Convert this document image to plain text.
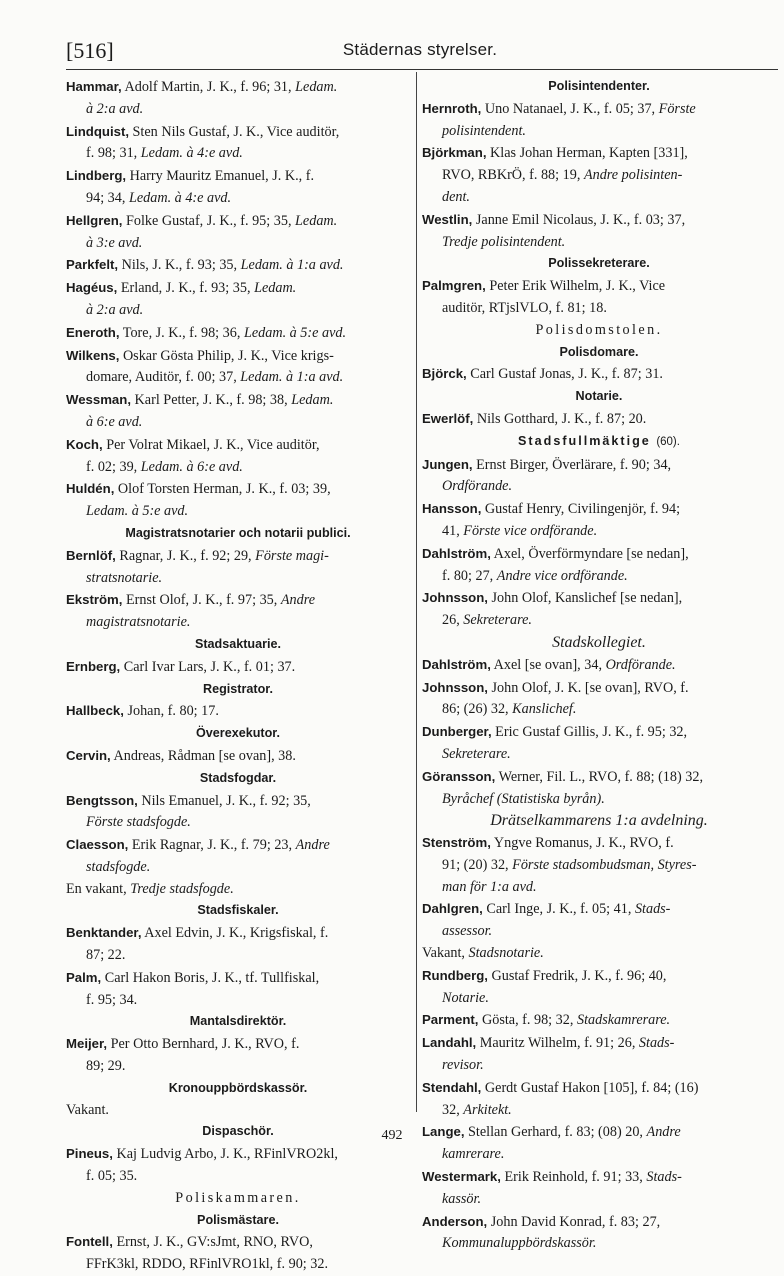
[516]	Städernas styrelser.
Hammar, Adolf Martin, J. K., f. 96; 31, Ledam.
à 2:a avd.
Lindquist, Sten Nils Gustaf, J. K., Vice auditör,
f. 98; 31, Ledam. à 4:e avd.
Lindberg, Harry Mauritz Emanuel, J. K., f.
94; 34, Ledam. à 4:e avd.
Hellgren, Folke Gustaf, J. K., f. 95; 35, Ledam.
à 3:e avd.
Parkfelt, Nils, J. K., f. 93; 35, Ledam. à 1:a avd.
Hagéus, Erland, J. K., f. 93; 35, Ledam.
à 2:a avd.
Eneroth, Tore, J. K., f. 98; 36, Ledam. à 5:e avd.
Wilkens, Oskar Gösta Philip, J. K., Vice krigs-
domare, Auditör, f. 00; 37, Ledam. à 1:a avd.
Wessman, Karl Petter, J. K., f. 98; 38, Ledam.
à 6:e avd.
Koch, Per Volrat Mikael, J. K., Vice auditör,
f. 02; 39, Ledam. à 6:e avd.
Huldén, Olof Torsten Herman, J. K., f. 03; 39,
Ledam. à 5:e avd.
Magistratsnotarier och notarii publici.
Bernlöf, Ragnar, J. K., f. 92; 29, Förste magi-
stratsnotarie.
Ekström, Ernst Olof, J. K., f. 97; 35, Andre
magistratsnotarie.
Stadsaktuarie.
Ernberg, Carl Ivar Lars, J. K., f. 01; 37.
Registrator.
Hallbeck, Johan, f. 80; 17.
Överexekutor.
Cervin, Andreas, Rådman [se ovan], 38.
Stadsfogdar.
Bengtsson, Nils Emanuel, J. K., f. 92; 35,
Förste stadsfogde.
Claesson, Erik Ragnar, J. K., f. 79; 23, Andre
stadsfogde.
En vakant, Tredje stadsfogde.
Stadsfiskaler.
Benktander, Axel Edvin, J. K., Krigsfiskal, f.
87; 22.
Palm, Carl Hakon Boris, J. K., tf. Tullfiskal,
f. 95; 34.
Mantalsdirektör.
Meijer, Per Otto Bernhard, J. K., RVO, f.
89; 29.
Kronouppbördskassör.
Vakant.
Dispaschör.
Pineus, Kaj Ludvig Arbo, J. K., RFinlVRO2kl,
f. 05; 35.
Poliskammaren.
Polismästare.
Fontell, Ernst, J. K., GV:sJmt, RNO, RVO,
FFrK3kl, RDDO, RFinlVRO1kl, f. 90; 32.
Polisintendenter.
Hernroth, Uno Natanael, J. K., f. 05; 37, Förste
polisintendent.
Björkman, Klas Johan Herman, Kapten [331],
RVO, RBKrÖ, f. 88; 19, Andre polisinten-
dent.
Westlin, Janne Emil Nicolaus, J. K., f. 03; 37,
Tredje polisintendent.
Polissekreterare.
Palmgren, Peter Erik Wilhelm, J. K., Vice
auditör, RTjslVLO, f. 81; 18.
Polisdomstolen.
Polisdomare.
Björck, Carl Gustaf Jonas, J. K., f. 87; 31.
Notarie.
Ewerlöf, Nils Gotthard, J. K., f. 87; 20.
Stadsfullmäktige (60).
Jungen, Ernst Birger, Överlärare, f. 90; 34,
Ordförande.
Hansson, Gustaf Henry, Civilingenjör, f. 94;
41, Förste vice ordförande.
Dahlström, Axel, Överförmyndare [se nedan],
f. 80; 27, Andre vice ordförande.
Johnsson, John Olof, Kanslichef [se nedan],
26, Sekreterare.
Stadskollegiet.
Dahlström, Axel [se ovan], 34, Ordförande.
Johnsson, John Olof, J. K. [se ovan], RVO, f.
86; (26) 32, Kanslichef.
Dunberger, Eric Gustaf Gillis, J. K., f. 95; 32,
Sekreterare.
Göransson, Werner, Fil. L., RVO, f. 88; (18) 32,
Byråchef (Statistiska byrån).
Drätselkammarens 1:a avdelning.
Stenström, Yngve Romanus, J. K., RVO, f.
91; (20) 32, Förste stadsombudsman, Styres-
man för 1:a avd.
Dahlgren, Carl Inge, J. K., f. 05; 41, Stads-
assessor.
Vakant, Stadsnotarie.
Rundberg, Gustaf Fredrik, J. K., f. 96; 40,
Notarie.
Parment, Gösta, f. 98; 32, Stadskamrerare.
Landahl, Mauritz Wilhelm, f. 91; 26, Stads-
revisor.
Stendahl, Gerdt Gustaf Hakon [105], f. 84; (16)
32, Arkitekt.
Lange, Stellan Gerhard, f. 83; (08) 20, Andre
kamrerare.
Westermark, Erik Reinhold, f. 91; 33, Stads-
kassör.
Anderson, John David Konrad, f. 83; 27,
Kommunaluppbördskassör.
492
